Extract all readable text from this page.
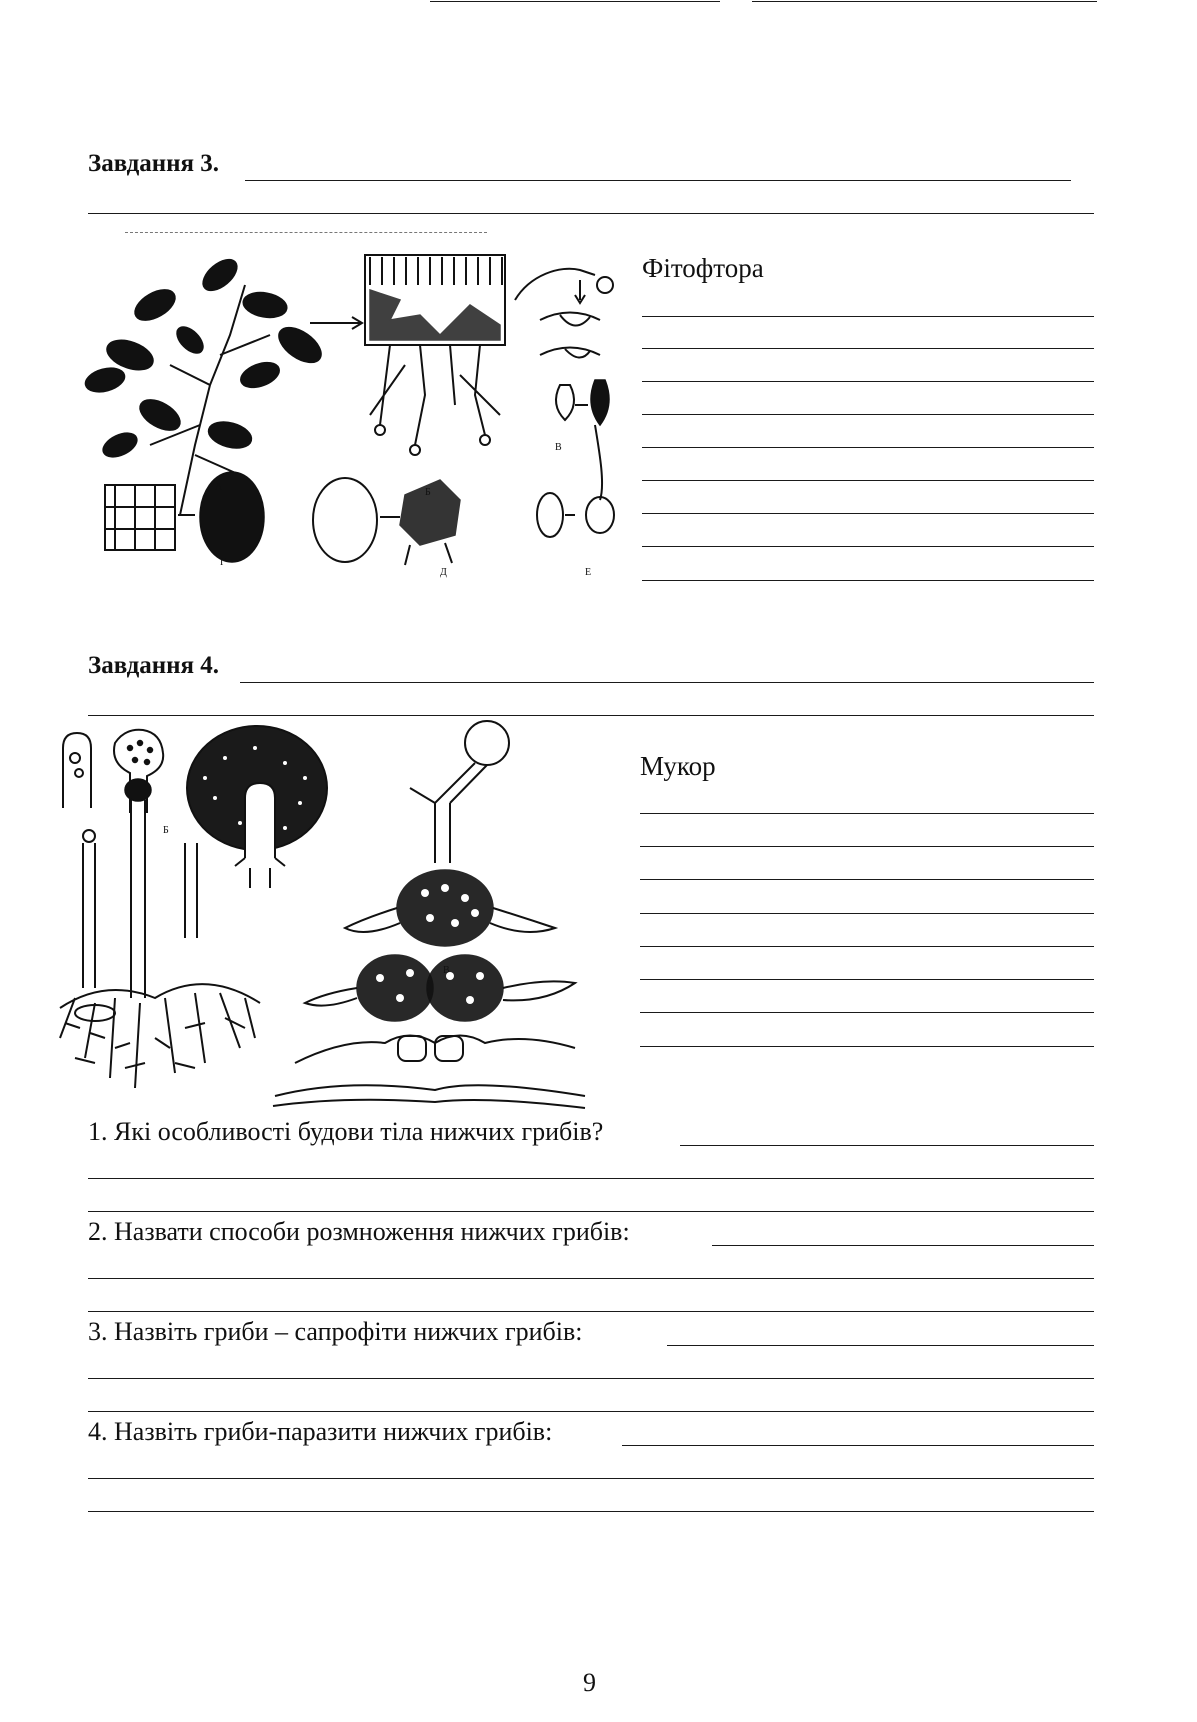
Завдання 3.
Г
Д	Е
А	Б
В
Фітофтора
Завдання 4.
Б
Мукор
1. Які особливості будови тіла нижчих грибів?
2. Назвати способи розмноження нижчих грибів:
3. Назвіть гриби – сапрофіти нижчих грибів:
4. Назвіть гриби-паразити нижчих грибів:
9
